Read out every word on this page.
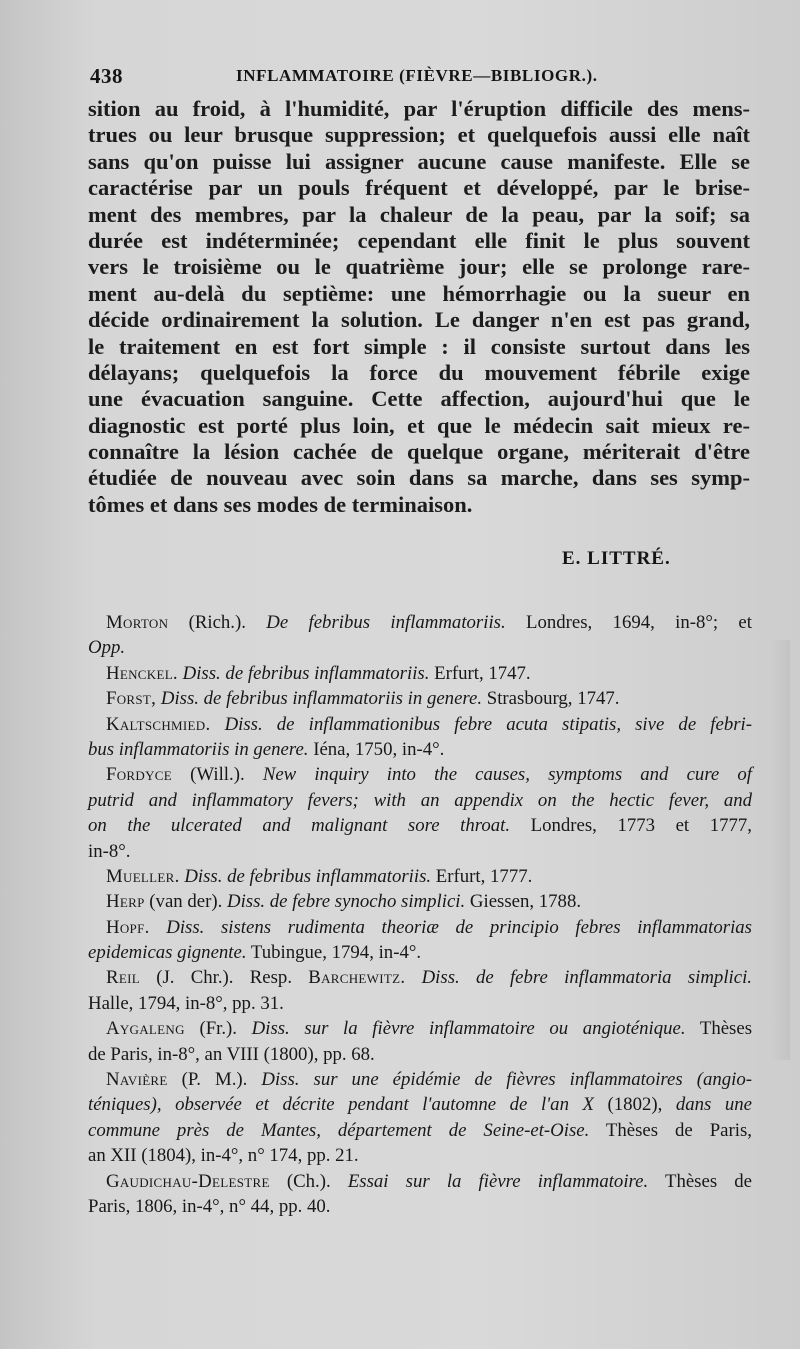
438	INFLAMMATOIRE (FIÈVRE—BIBLIOGR.).
sition au froid, à l'humidité, par l'éruption difficile des mens-
trues ou leur brusque suppression; et quelquefois aussi elle naît
sans qu'on puisse lui assigner aucune cause manifeste. Elle se
caractérise par un pouls fréquent et développé, par le brise-
ment des membres, par la chaleur de la peau, par la soif; sa
durée est indéterminée; cependant elle finit le plus souvent
vers le troisième ou le quatrième jour; elle se prolonge rare-
ment au-delà du septième: une hémorrhagie ou la sueur en
décide ordinairement la solution. Le danger n'en est pas grand,
le traitement en est fort simple : il consiste surtout dans les
délayans; quelquefois la force du mouvement fébrile exige
une évacuation sanguine. Cette affection, aujourd'hui que le
diagnostic est porté plus loin, et que le médecin sait mieux re-
connaître la lésion cachée de quelque organe, mériterait d'être
étudiée de nouveau avec soin dans sa marche, dans ses symp-
tômes et dans ses modes de terminaison.
E. LITTRÉ.
Morton (Rich.). De febribus inflammatoriis. Londres, 1694, in-8°; et
Opp.
Henckel. Diss. de febribus inflammatoriis. Erfurt, 1747.
Forst, Diss. de febribus inflammatoriis in genere. Strasbourg, 1747.
Kaltschmied. Diss. de inflammationibus febre acuta stipatis, sive de febri-
bus inflammatoriis in genere. Iéna, 1750, in-4°.
Fordyce (Will.). New inquiry into the causes, symptoms and cure of
putrid and inflammatory fevers; with an appendix on the hectic fever, and
on the ulcerated and malignant sore throat. Londres, 1773 et 1777,
in-8°.
Mueller. Diss. de febribus inflammatoriis. Erfurt, 1777.
Herp (van der). Diss. de febre synocho simplici. Giessen, 1788.
Hopf. Diss. sistens rudimenta theoriæ de principio febres inflammatorias
epidemicas gignente. Tubingue, 1794, in-4°.
Reil (J. Chr.). Resp. Barchewitz. Diss. de febre inflammatoria simplici.
Halle, 1794, in-8°, pp. 31.
Aygaleng (Fr.). Diss. sur la fièvre inflammatoire ou angioténique. Thèses
de Paris, in-8°, an VIII (1800), pp. 68.
Navière (P. M.). Diss. sur une épidémie de fièvres inflammatoires (angio-
téniques), observée et décrite pendant l'automne de l'an X (1802), dans une
commune près de Mantes, département de Seine-et-Oise. Thèses de Paris,
an XII (1804), in-4°, n° 174, pp. 21.
Gaudichau-Delestre (Ch.). Essai sur la fièvre inflammatoire. Thèses de
Paris, 1806, in-4°, n° 44, pp. 40.
